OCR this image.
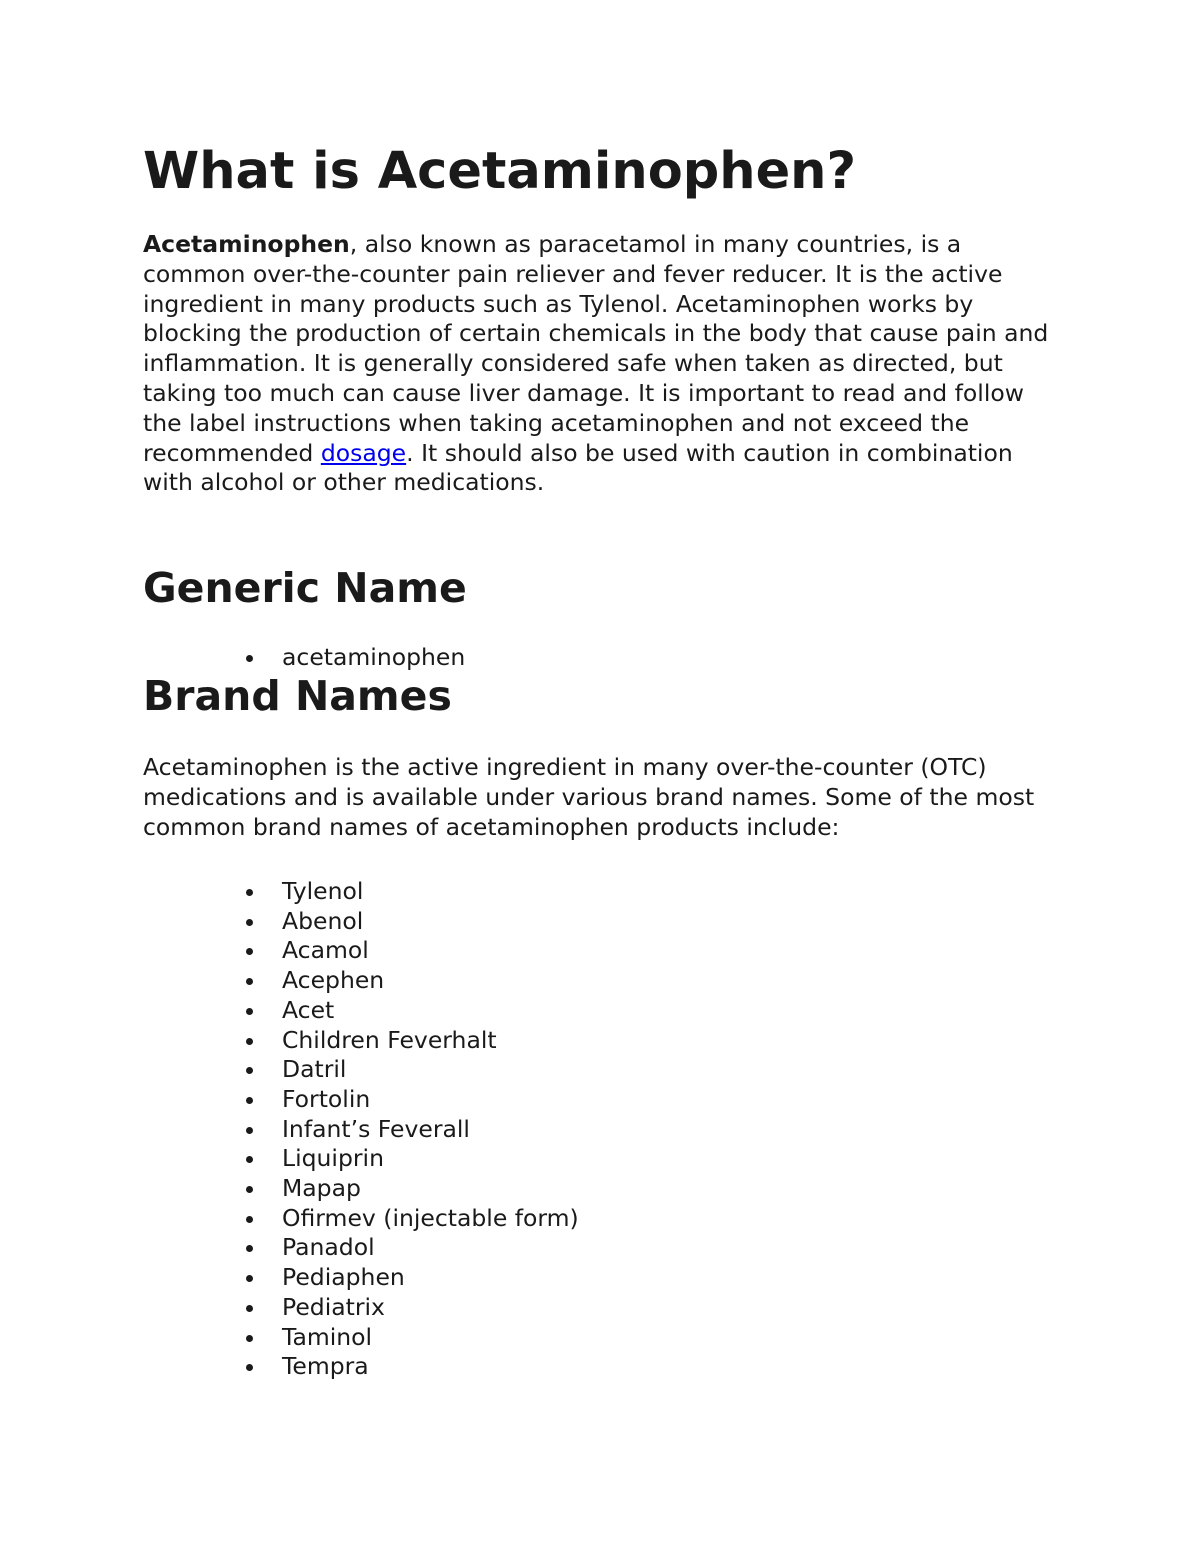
What is Acetaminophen?

Acetaminophen, also known as paracetamol in many countries, is a common over-the-counter pain reliever and fever reducer. It is the active ingredient in many products such as Tylenol. Acetaminophen works by blocking the production of certain chemicals in the body that cause pain and inflammation. It is generally considered safe when taken as directed, but taking too much can cause liver damage. It is important to read and follow the label instructions when taking acetaminophen and not exceed the recommended dosage. It should also be used with caution in combination with alcohol or other medications.

Generic Name
acetaminophen
Brand Names

Acetaminophen is the active ingredient in many over-the-counter (OTC) medications and is available under various brand names. Some of the most common brand names of acetaminophen products include:

Tylenol
Abenol
Acamol
Acephen
Acet
Children Feverhalt
Datril
Fortolin
Infant’s Feverall
Liquiprin
Mapap
Ofirmev (injectable form)
Panadol
Pediaphen
Pediatrix
Taminol
Tempra
